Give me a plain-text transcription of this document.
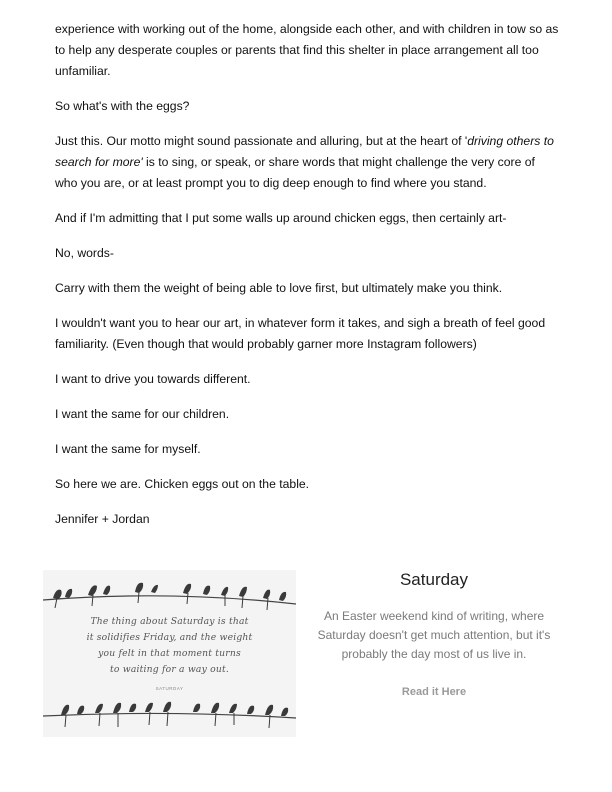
experience with working out of the home, alongside each other, and with children in tow so as to help any desperate couples or parents that find this shelter in place arrangement all too unfamiliar.

So what's with the eggs?

Just this. Our motto might sound passionate and alluring, but at the heart of 'driving others to search for more' is to sing, or speak, or share words that might challenge the very core of who you are, or at least prompt you to dig deep enough to find where you stand.

And if I'm admitting that I put some walls up around chicken eggs, then certainly art-

No, words-

Carry with them the weight of being able to love first, but ultimately make you think.

I wouldn't want you to hear our art, in whatever form it takes, and sigh a breath of feel good familiarity. (Even though that would probably garner more Instagram followers)

I want to drive you towards different.

I want the same for our children.

I want the same for myself.

So here we are. Chicken eggs out on the table.

Jennifer + Jordan

The thing about Saturday is that
it solidifies Friday, and the weight
you felt in that moment turns
to waiting for a way out.
SATURDAY
Saturday
An Easter weekend kind of writing, where Saturday doesn't get much attention, but it's probably the day most of us live in.
Read it Here
